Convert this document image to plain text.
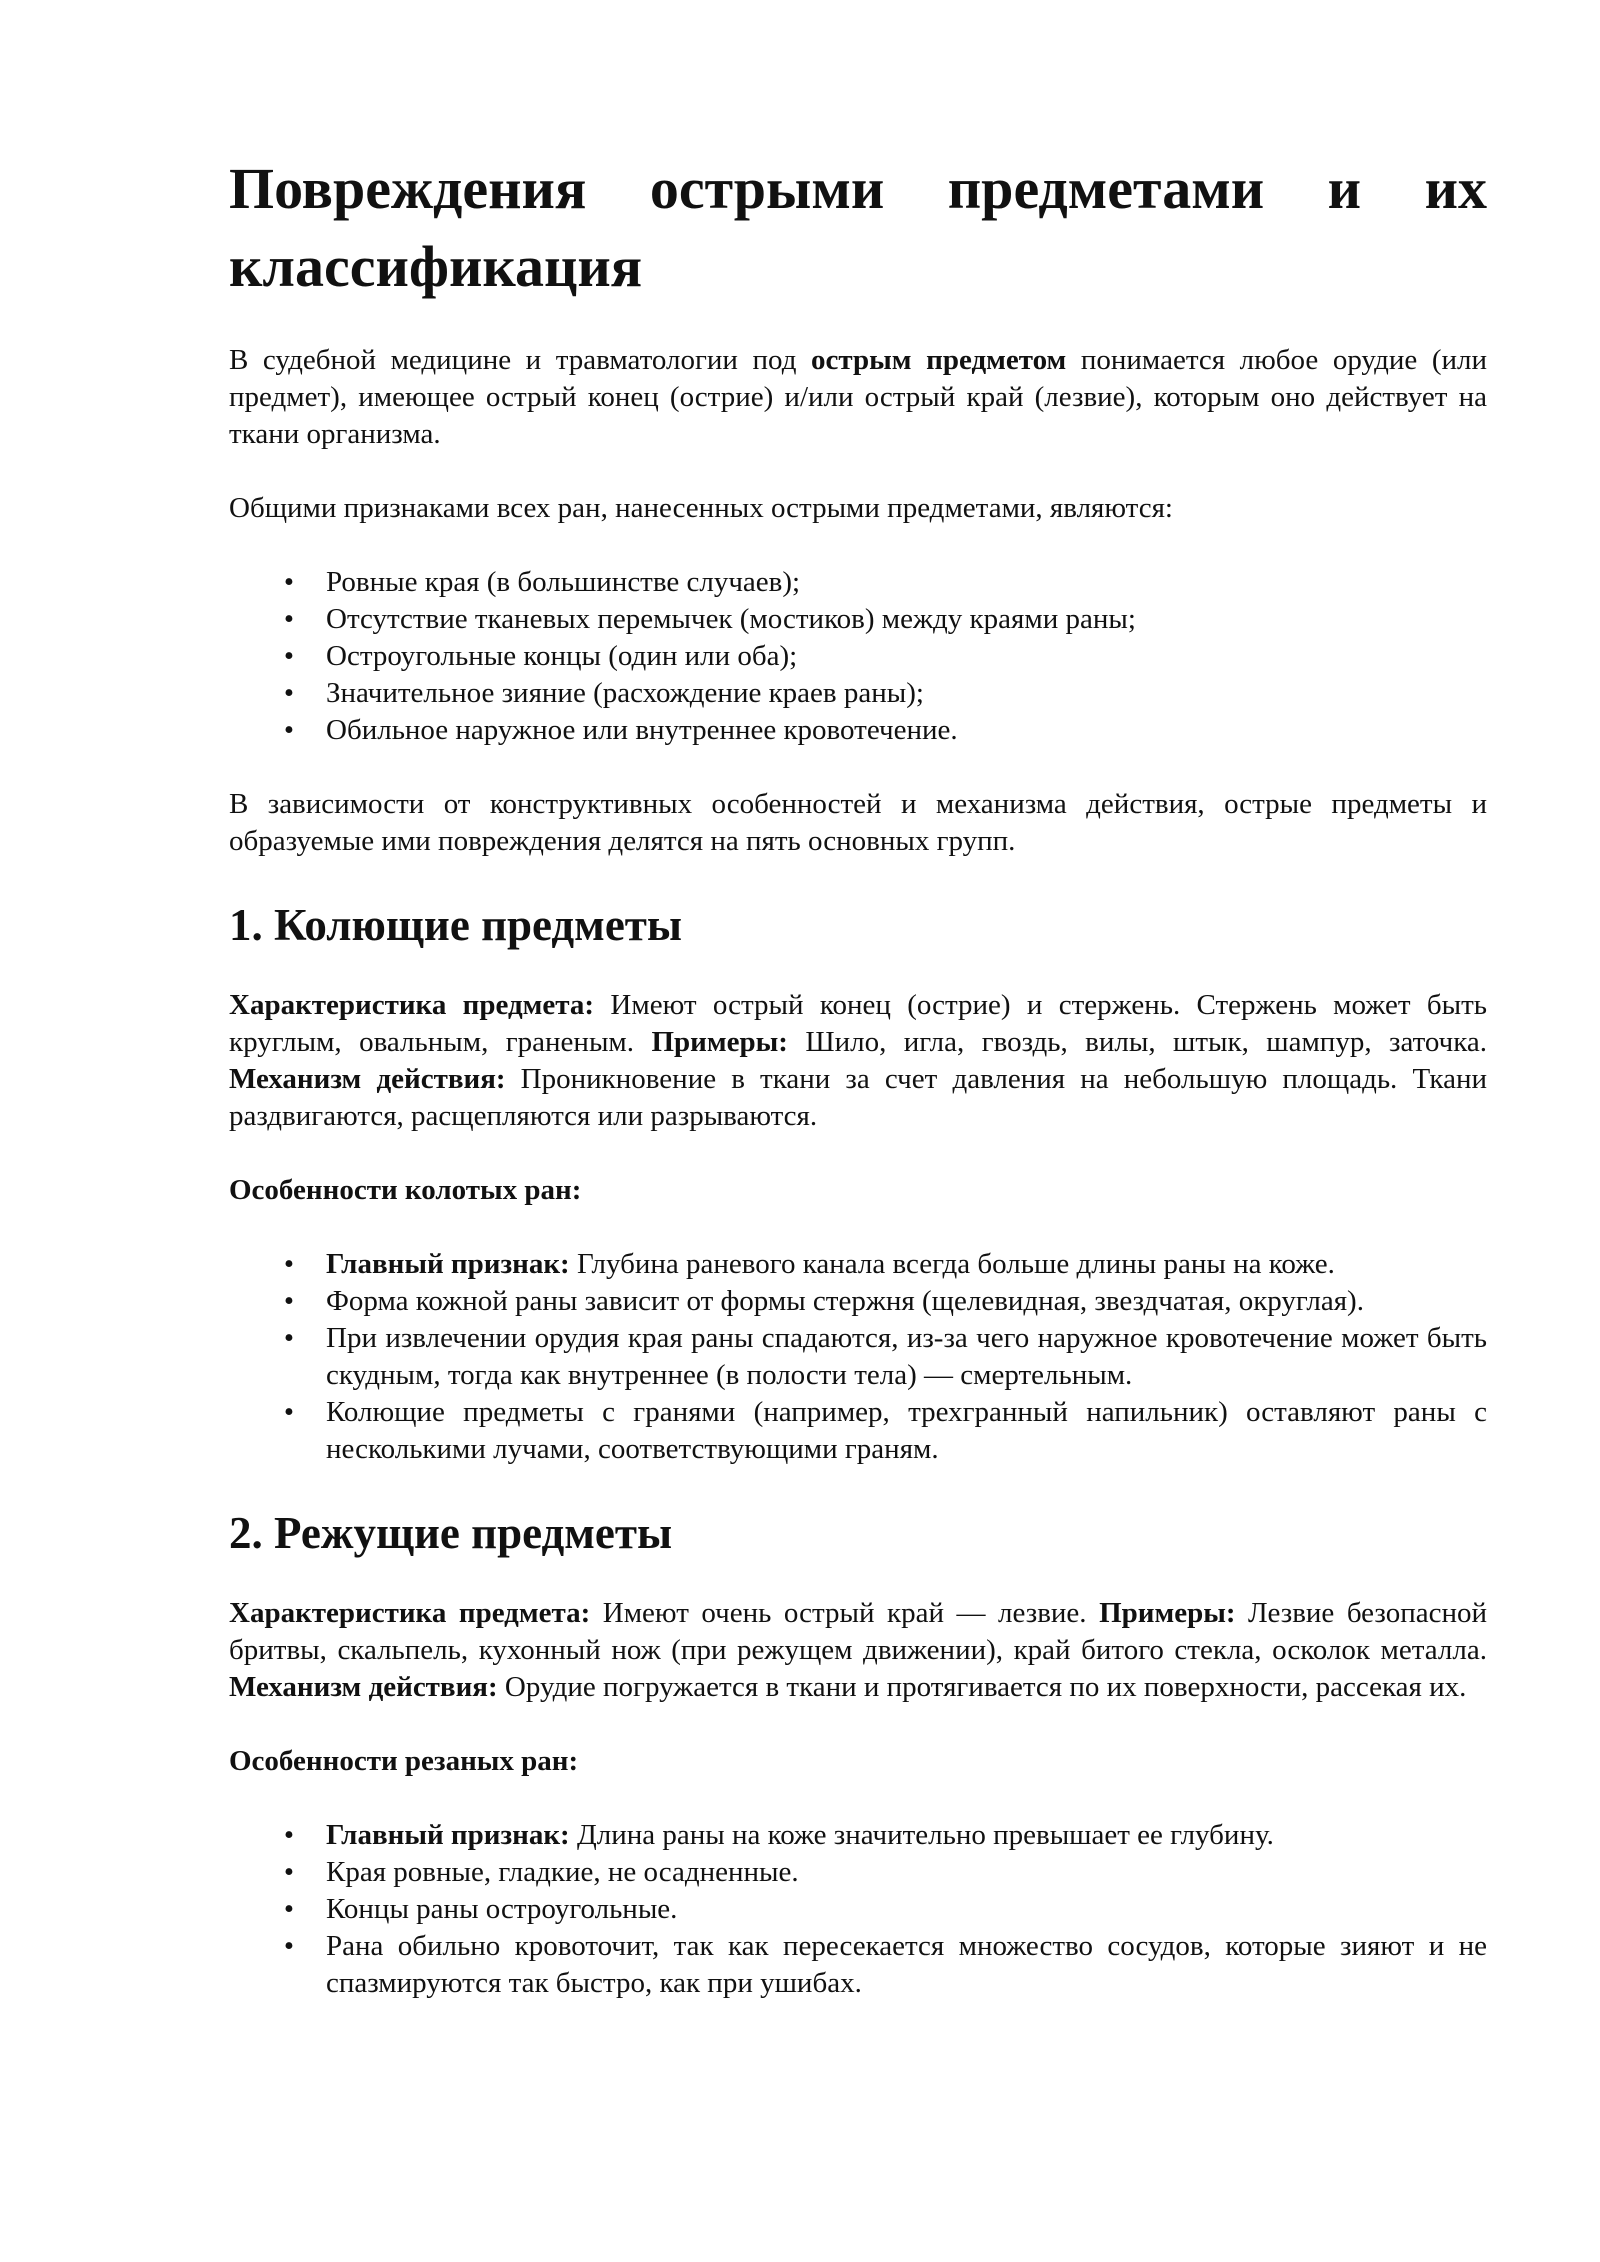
Повреждения острыми предметами и их классификация

В судебной медицине и травматологии под острым предметом понимается любое орудие (или предмет), имеющее острый конец (острие) и/или острый край (лезвие), которым оно действует на ткани организма.

Общими признаками всех ран, нанесенных острыми предметами, являются:

• Ровные края (в большинстве случаев);
• Отсутствие тканевых перемычек (мостиков) между краями раны;
• Остроугольные концы (один или оба);
• Значительное зияние (расхождение краев раны);
• Обильное наружное или внутреннее кровотечение.

В зависимости от конструктивных особенностей и механизма действия, острые предметы и образуемые ими повреждения делятся на пять основных групп.

1. Колющие предметы

Характеристика предмета: Имеют острый конец (острие) и стержень. Стержень может быть круглым, овальным, граненым. Примеры: Шило, игла, гвоздь, вилы, штык, шампур, заточка. Механизм действия: Проникновение в ткани за счет давления на небольшую площадь. Ткани раздвигаются, расщепляются или разрываются.

Особенности колотых ран:

• Главный признак: Глубина раневого канала всегда больше длины раны на коже.
• Форма кожной раны зависит от формы стержня (щелевидная, звездчатая, округлая).
• При извлечении орудия края раны спадаются, из-за чего наружное кровотечение может быть скудным, тогда как внутреннее (в полости тела) — смертельным.
• Колющие предметы с гранями (например, трехгранный напильник) оставляют раны с несколькими лучами, соответствующими граням.
2. Режущие предметы

Характеристика предмета: Имеют очень острый край — лезвие. Примеры: Лезвие безопасной бритвы, скальпель, кухонный нож (при режущем движении), край битого стекла, осколок металла. Механизм действия: Орудие погружается в ткани и протягивается по их поверхности, рассекая их.

Особенности резаных ран:

• Главный признак: Длина раны на коже значительно превышает ее глубину.
• Края ровные, гладкие, не осадненные.
• Концы раны остроугольные.
• Рана обильно кровоточит, так как пересекается множество сосудов, которые зияют и не спазмируются так быстро, как при ушибах.
